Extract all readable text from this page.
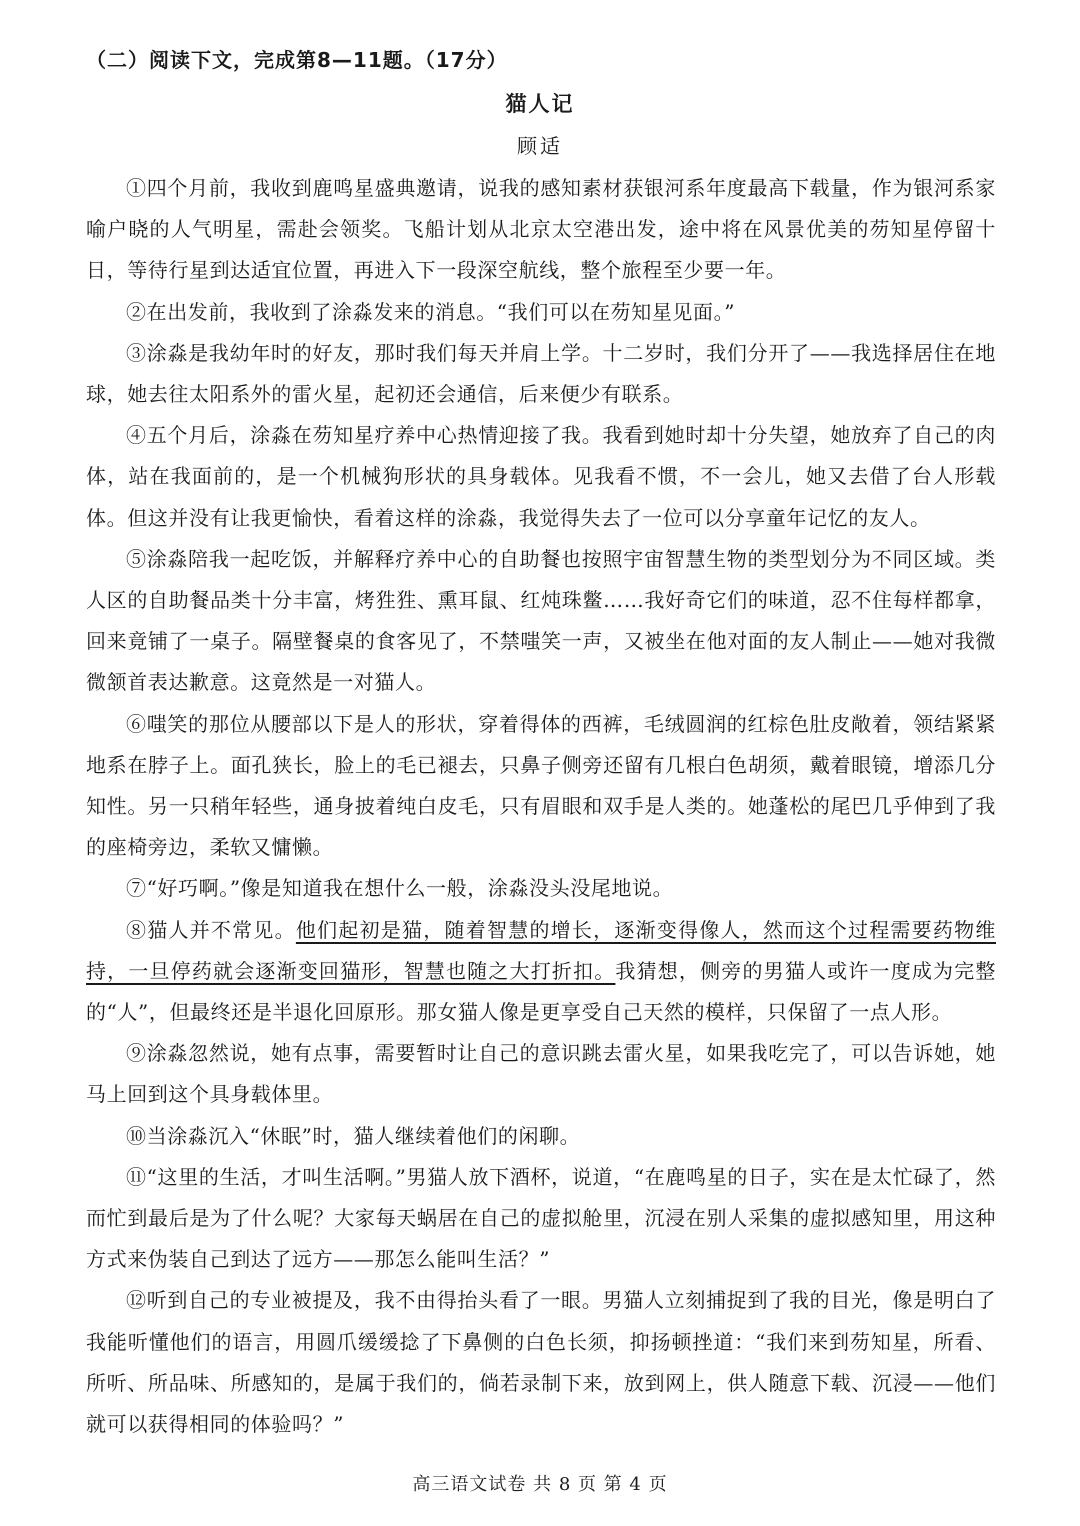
（二）阅读下文，完成第8—11题。（17分）
猫人记
顾适

①四个月前，我收到鹿鸣星盛典邀请，说我的感知素材获银河系年度最高下载量，作为银河系家喻户晓的人气明星，需赴会领奖。飞船计划从北京太空港出发，途中将在风景优美的芴知星停留十日，等待行星到达适宜位置，再进入下一段深空航线，整个旅程至少要一年。

②在出发前，我收到了涂淼发来的消息。“我们可以在芴知星见面。”

③涂淼是我幼年时的好友，那时我们每天并肩上学。十二岁时，我们分开了——我选择居住在地球，她去往太阳系外的雷火星，起初还会通信，后来便少有联系。

④五个月后，涂淼在芴知星疗养中心热情迎接了我。我看到她时却十分失望，她放弃了自己的肉体，站在我面前的，是一个机械狗形状的具身载体。见我看不惯，不一会儿，她又去借了台人形载体。但这并没有让我更愉快，看着这样的涂淼，我觉得失去了一位可以分享童年记忆的友人。

⑤涂淼陪我一起吃饭，并解释疗养中心的自助餐也按照宇宙智慧生物的类型划分为不同区域。类人区的自助餐品类十分丰富，烤狌狌、熏耳鼠、红炖珠鳖……我好奇它们的味道，忍不住每样都拿，回来竟铺了一桌子。隔壁餐桌的食客见了，不禁嗤笑一声，又被坐在他对面的友人制止——她对我微微颔首表达歉意。这竟然是一对猫人。

⑥嗤笑的那位从腰部以下是人的形状，穿着得体的西裤，毛绒圆润的红棕色肚皮敞着，领结紧紧地系在脖子上。面孔狭长，脸上的毛已褪去，只鼻子侧旁还留有几根白色胡须，戴着眼镜，增添几分知性。另一只稍年轻些，通身披着纯白皮毛，只有眉眼和双手是人类的。她蓬松的尾巴几乎伸到了我的座椅旁边，柔软又慵懒。

⑦“好巧啊。”像是知道我在想什么一般，涂淼没头没尾地说。

⑧猫人并不常见。他们起初是猫，随着智慧的增长，逐渐变得像人，然而这个过程需要药物维持，一旦停药就会逐渐变回猫形，智慧也随之大打折扣。我猜想，侧旁的男猫人或许一度成为完整的“人”，但最终还是半退化回原形。那女猫人像是更享受自己天然的模样，只保留了一点人形。

⑨涂淼忽然说，她有点事，需要暂时让自己的意识跳去雷火星，如果我吃完了，可以告诉她，她马上回到这个具身载体里。

⑩当涂淼沉入“休眠”时，猫人继续着他们的闲聊。

⑪“这里的生活，才叫生活啊。”男猫人放下酒杯，说道，“在鹿鸣星的日子，实在是太忙碌了，然而忙到最后是为了什么呢？大家每天蜗居在自己的虚拟舱里，沉浸在别人采集的虚拟感知里，用这种方式来伪装自己到达了远方——那怎么能叫生活？”

⑫听到自己的专业被提及，我不由得抬头看了一眼。男猫人立刻捕捉到了我的目光，像是明白了我能听懂他们的语言，用圆爪缓缓捻了下鼻侧的白色长须，抑扬顿挫道：“我们来到芴知星，所看、所听、所品味、所感知的，是属于我们的，倘若录制下来，放到网上，供人随意下载、沉浸——他们就可以获得相同的体验吗？”

高三语文试卷 共 8 页 第 4 页
